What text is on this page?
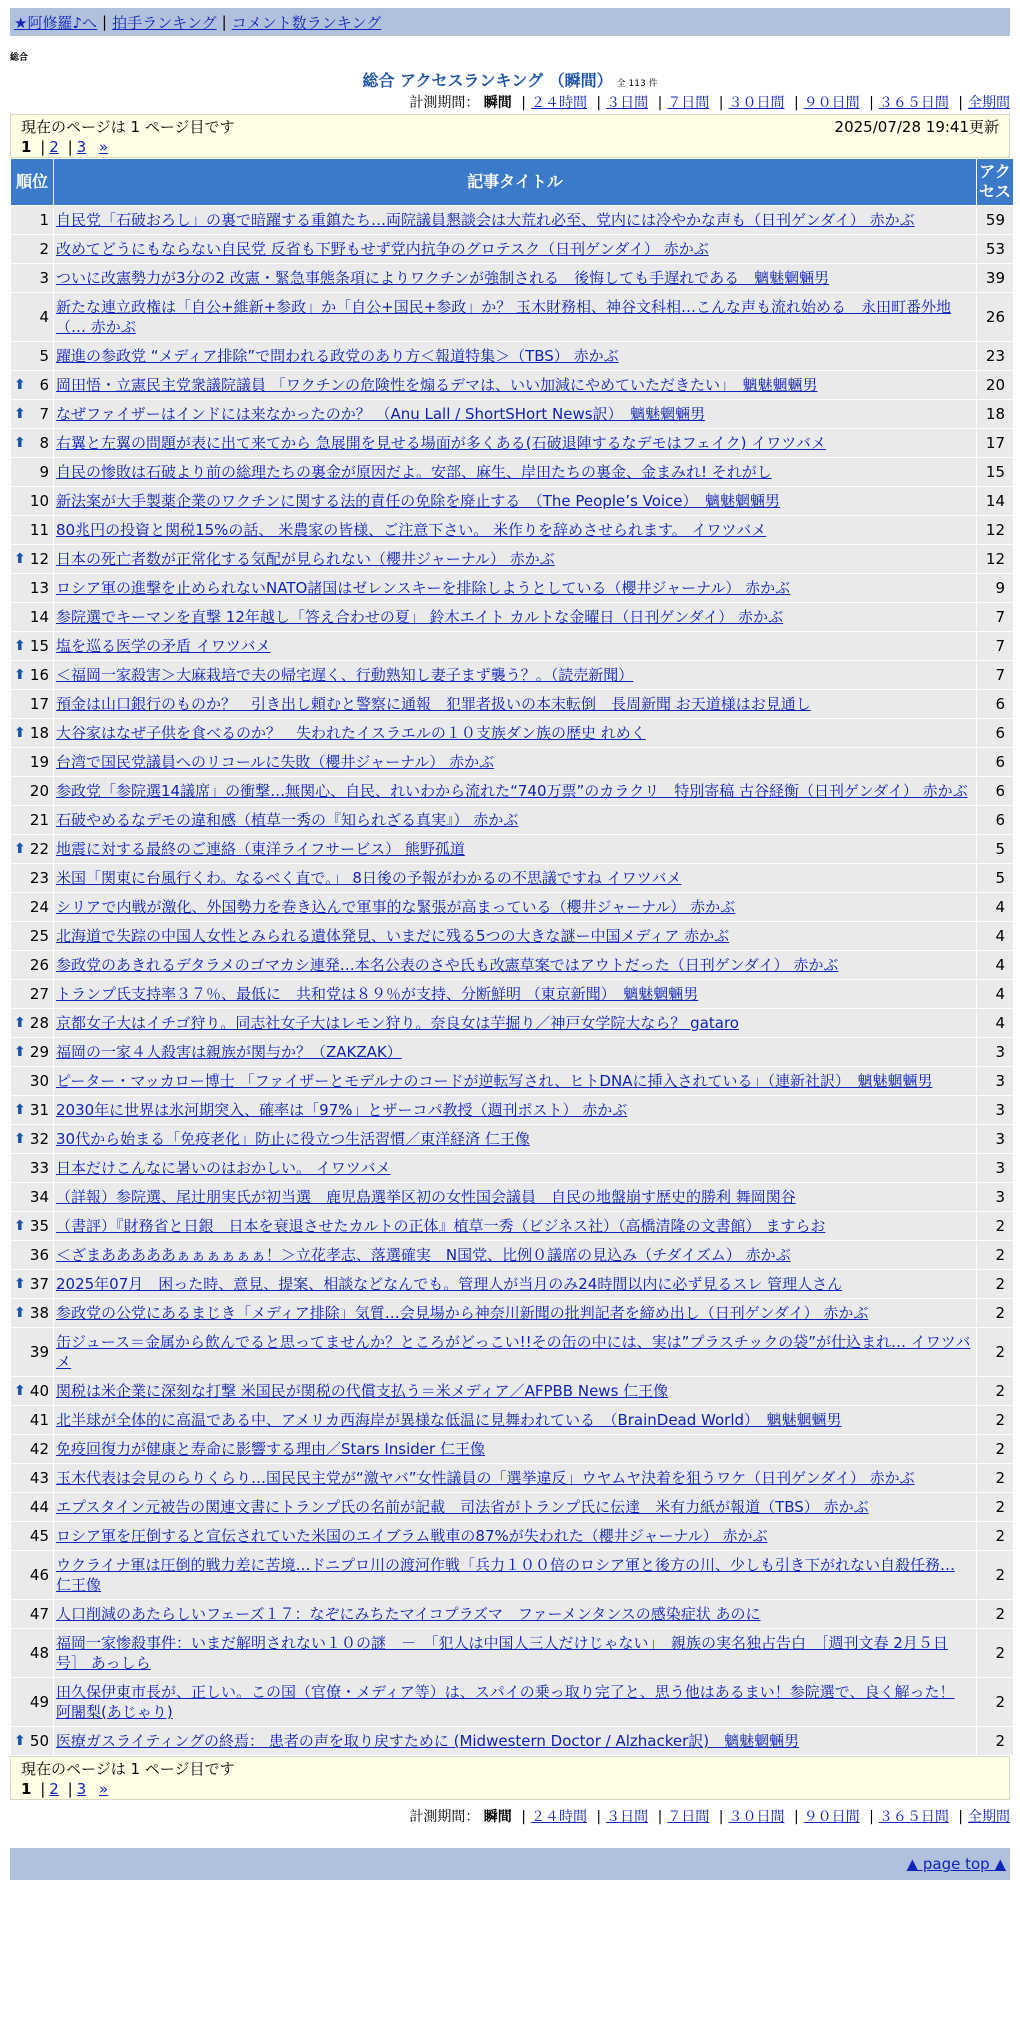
★阿修羅♪へ | 拍手ランキング | コメント数ランキング
総合
総合 アクセスランキング （瞬間） 全 113 件
計測期間： 瞬間 | ２４時間 | ３日間 | ７日間 | ３０日間 | ９０日間 | ３６５日間 | 全期間
現在のページは 1 ページ目です	2025/07/28 19:41更新
1 | 2 | 3 »
順位	記事タイトル	アクセス
1	自民党「石破おろし」の裏で暗躍する重鎮たち…両院議員懇談会は大荒れ必至、党内には冷やかな声も（日刊ゲンダイ） 赤かぶ	59
2	改めてどうにもならない自民党 反省も下野もせず党内抗争のグロテスク（日刊ゲンダイ） 赤かぶ	53
3	ついに改憲勢力が3分の2 改憲・緊急事態条項によりワクチンが強制される　後悔しても手遅れである　魑魅魍魎男	39
4	新たな連立政権は「自公+維新+参政」か「自公+国民+参政」か？ 玉木財務相、神谷文科相…こんな声も流れ始める　永田町番外地（… 赤かぶ	26
5	躍進の参政党 “メディア排除”で問われる政党のあり方＜報道特集＞（TBS） 赤かぶ	23

⬆ 6	岡田悟・立憲民主党衆議院議員 「ワクチンの危険性を煽るデマは、いい加減にやめていただきたい」　魑魅魍魎男	20

⬆ 7	なぜファイザーはインドには来なかったのか？ （Anu Lall / ShortSHort News訳）　魑魅魍魎男	18

⬆ 8	右翼と左翼の問題が表に出て来てから 急展開を見せる場面が多くある(石破退陣するなデモはフェイク) イワツバメ	17
9	自民の惨敗は石破より前の総理たちの裏金が原因だよ。安部、麻生、岸田たちの裏金、金まみれ! それがし	15
10	新法案が大手製薬企業のワクチンに関する法的責任の免除を廃止する　（The People’s Voice）　魑魅魍魎男	14
11	80兆円の投資と関税15%の話、 米農家の皆様、ご注意下さい。 米作りを辞めさせられます。 イワツバメ	12

⬆ 12	日本の死亡者数が正常化する気配が見られない（櫻井ジャーナル） 赤かぶ	12
13	ロシア軍の進撃を止められないNATO諸国はゼレンスキーを排除しようとしている（櫻井ジャーナル） 赤かぶ	9
14	参院選でキーマンを直撃 12年越し「答え合わせの夏」 鈴木エイト カルトな金曜日（日刊ゲンダイ） 赤かぶ	7

⬆ 15	塩を巡る医学の矛盾 イワツバメ	7

⬆ 16	＜福岡一家殺害＞大麻栽培で夫の帰宅遅く、行動熟知し妻子まず襲う？。（読売新聞）	7
17	預金は山口銀行のものか？　引き出し頼むと警察に通報　犯罪者扱いの本末転倒　長周新聞 お天道様はお見通し	6

⬆ 18	大谷家はなぜ子供を食べるのか？　失われたイスラエルの１０支族ダン族の歴史 れめく	6
19	台湾で国民党議員へのリコールに失敗（櫻井ジャーナル） 赤かぶ	6
20	参政党「参院選14議席」の衝撃…無関心、自民、れいわから流れた“740万票”のカラクリ　特別寄稿 古谷経衡（日刊ゲンダイ） 赤かぶ	6
21	石破やめるなデモの違和感（植草一秀の『知られざる真実』） 赤かぶ	6

⬆ 22	地震に対する最終のご連絡（東洋ライフサービス） 熊野孤道	5
23	米国「関東に台風行くわ。なるべく直で。」 8日後の予報がわかるの不思議ですね イワツバメ	5
24	シリアで内戦が激化、外国勢力を巻き込んで軍事的な緊張が高まっている（櫻井ジャーナル） 赤かぶ	4
25	北海道で失踪の中国人女性とみられる遺体発見、いまだに残る5つの大きな謎ー中国メディア 赤かぶ	4
26	参政党のあきれるデタラメのゴマカシ連発…本名公表のさや氏も改憲草案ではアウトだった（日刊ゲンダイ） 赤かぶ	4
27	トランプ氏支持率３７％、最低に　共和党は８９％が支持、分断鮮明 （東京新聞）　魑魅魍魎男	4

⬆ 28	京都女子大はイチゴ狩り。同志社女子大はレモン狩り。奈良女は芋掘り／神戸女学院大なら？ gataro	4

⬆ 29	福岡の一家４人殺害は親族が関与か？（ZAKZAK）	3
30	ピーター・マッカロー博士 「ファイザーとモデルナのコードが逆転写され、ヒトDNAに挿入されている」（連新社訳）　魑魅魍魎男	3

⬆ 31	2030年に世界は氷河期突入、確率は「97%」とザーコパ教授（週刊ポスト） 赤かぶ	3

⬆ 32	30代から始まる「免疫老化」防止に役立つ生活習慣／東洋経済 仁王像	3
33	日本だけこんなに暑いのはおかしい。 イワツバメ	3
34	（詳報）参院選、尾辻朋実氏が初当選　鹿児島選挙区初の女性国会議員　自民の地盤崩す歴史的勝利 舞岡関谷	3

⬆ 35	（書評）『財務省と日銀　日本を衰退させたカルトの正体』植草一秀（ビジネス社）（高橋清隆の文書館） ますらお	2
36	＜ざまあああああぁぁぁぁぁぁ！＞立花孝志、落選確実　N国党、比例０議席の見込み（チダイズム） 赤かぶ	2

⬆ 37	2025年07月　困った時、意見、提案、相談などなんでも。管理人が当月のみ24時間以内に必ず見るスレ 管理人さん	2

⬆ 38	参政党の公党にあるまじき「メディア排除」気質…会見場から神奈川新聞の批判記者を締め出し（日刊ゲンダイ） 赤かぶ	2
39	缶ジュース＝金属から飲んでると思ってませんか？ところがどっこい!!その缶の中には、実は”プラスチックの袋”が仕込まれ… イワツバメ	2

⬆ 40	関税は米企業に深刻な打撃 米国民が関税の代償支払う＝米メディア／AFPBB News 仁王像	2
41	北半球が全体的に高温である中、アメリカ西海岸が異様な低温に見舞われている　（BrainDead World）　魑魅魍魎男	2
42	免疫回復力が健康と寿命に影響する理由／Stars Insider 仁王像	2
43	玉木代表は会見のらりくらり…国民民主党が“激ヤバ”女性議員の「選挙違反」ウヤムヤ決着を狙うワケ（日刊ゲンダイ） 赤かぶ	2
44	エプスタイン元被告の関連文書にトランプ氏の名前が記載　司法省がトランプ氏に伝達　米有力紙が報道（TBS） 赤かぶ	2
45	ロシア軍を圧倒すると宣伝されていた米国のエイブラム戦車の87%が失われた（櫻井ジャーナル） 赤かぶ	2
46	ウクライナ軍は圧倒的戦力差に苦境…ドニプロ川の渡河作戦「兵力１００倍のロシア軍と後方の川、少しも引き下がれない自殺任務… 仁王像	2
47	人口削減のあたらしいフェーズ１７：なぞにみちたマイコプラズマ　ファーメンタンスの感染症状 あのに	2
48	福岡一家惨殺事件：いまだ解明されない１０の謎　－　「犯人は中国人三人だけじゃない」　親族の実名独占告白　［週刊文春 2月５日号］ あっしら	2
49	田久保伊東市長が、正しい。この国（官僚・メディア等）は、スパイの乗っ取り完了と、思う他はあるまい！参院選で、良く解った！ 阿闍梨(あじゃり)	2

⬆ 50	医療ガスライティングの終焉： 患者の声を取り戻すために (Midwestern Doctor / Alzhacker訳)　魑魅魍魎男	2
現在のページは 1 ページ目です
1 | 2 | 3 »
計測期間： 瞬間 | ２４時間 | ３日間 | ７日間 | ３０日間 | ９０日間 | ３６５日間 | 全期間
▲ page top ▲
